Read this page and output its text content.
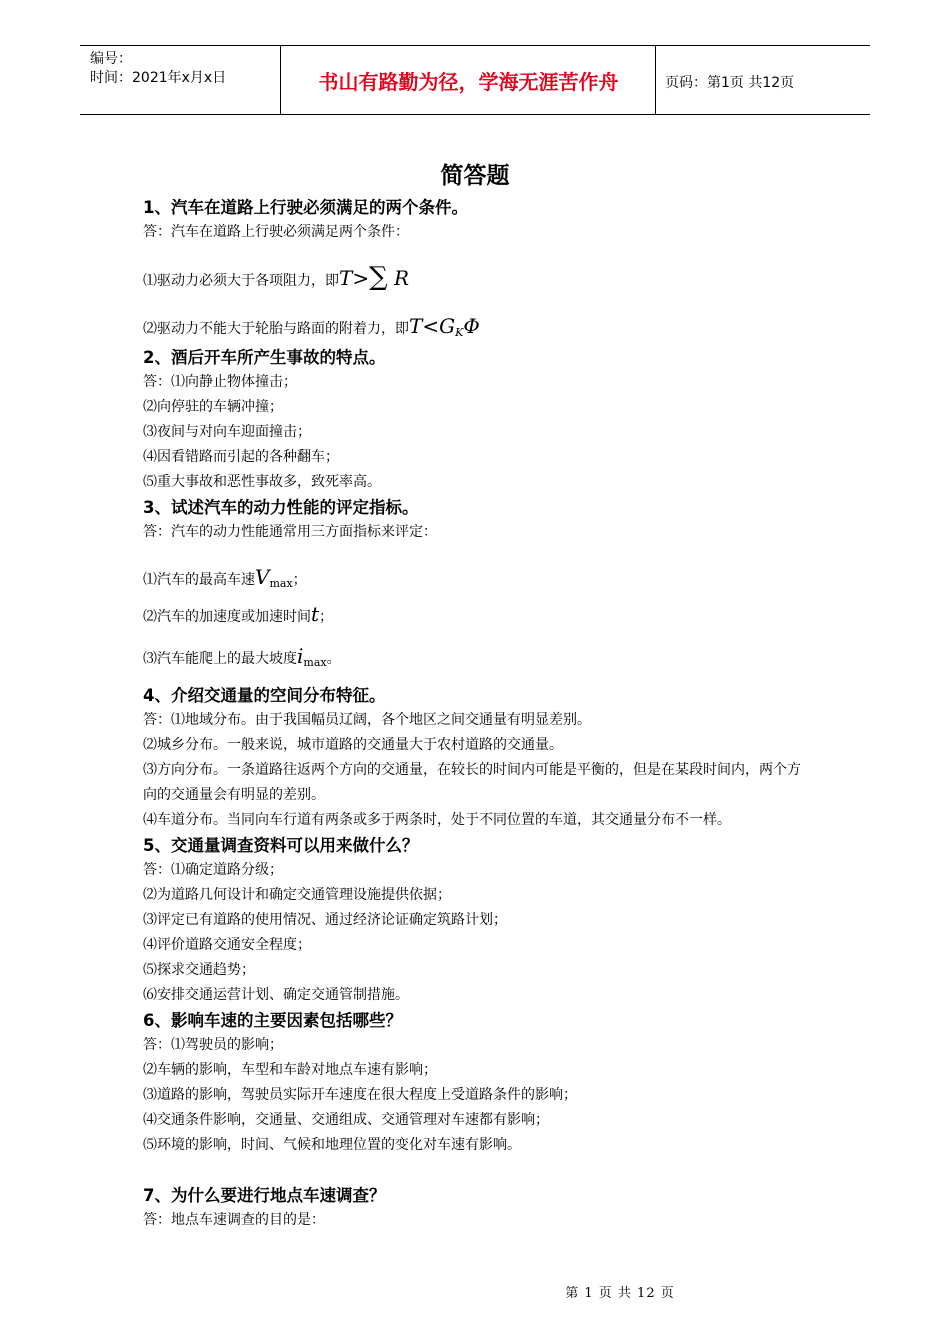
编号：
时间：2021年x月x日	书山有路勤为径，学海无涯苦作舟	页码：第1页 共12页
简答题
1、汽车在道路上行驶必须满足的两个条件。
答：汽车在道路上行驶必须满足两个条件：
⑴驱动力必须大于各项阻力，即T>∑ R
⑵驱动力不能大于轮胎与路面的附着力，即$T<G_K\Phi$
2、酒后开车所产生事故的特点。
答：⑴向静止物体撞击；
⑵向停驻的车辆冲撞；
⑶夜间与对向车迎面撞击；
⑷因看错路而引起的各种翻车；
⑸重大事故和恶性事故多，致死率高。
3、试述汽车的动力性能的评定指标。
答：汽车的动力性能通常用三方面指标来评定：
⑴汽车的最高车速$V_{max}$；
⑵汽车的加速度或加速时间t；
⑶汽车能爬上的最大坡度$i_{max}$。
4、介绍交通量的空间分布特征。
答：⑴地域分布。由于我国幅员辽阔，各个地区之间交通量有明显差别。
⑵城乡分布。一般来说，城市道路的交通量大于农村道路的交通量。
⑶方向分布。一条道路往返两个方向的交通量，在较长的时间内可能是平衡的，但是在某段时间内，两个方向的交通量会有明显的差别。
⑷车道分布。当同向车行道有两条或多于两条时，处于不同位置的车道，其交通量分布不一样。
5、交通量调查资料可以用来做什么？
答：⑴确定道路分级；
⑵为道路几何设计和确定交通管理设施提供依据；
⑶评定已有道路的使用情况、通过经济论证确定筑路计划；
⑷评价道路交通安全程度；
⑸探求交通趋势；
⑹安排交通运营计划、确定交通管制措施。
6、影响车速的主要因素包括哪些？
答：⑴驾驶员的影响；
⑵车辆的影响，车型和车龄对地点车速有影响；
⑶道路的影响，驾驶员实际开车速度在很大程度上受道路条件的影响；
⑷交通条件影响，交通量、交通组成、交通管理对车速都有影响；
⑸环境的影响，时间、气候和地理位置的变化对车速有影响。
7、为什么要进行地点车速调查？
答：地点车速调查的目的是：
第 1 页 共 12 页
